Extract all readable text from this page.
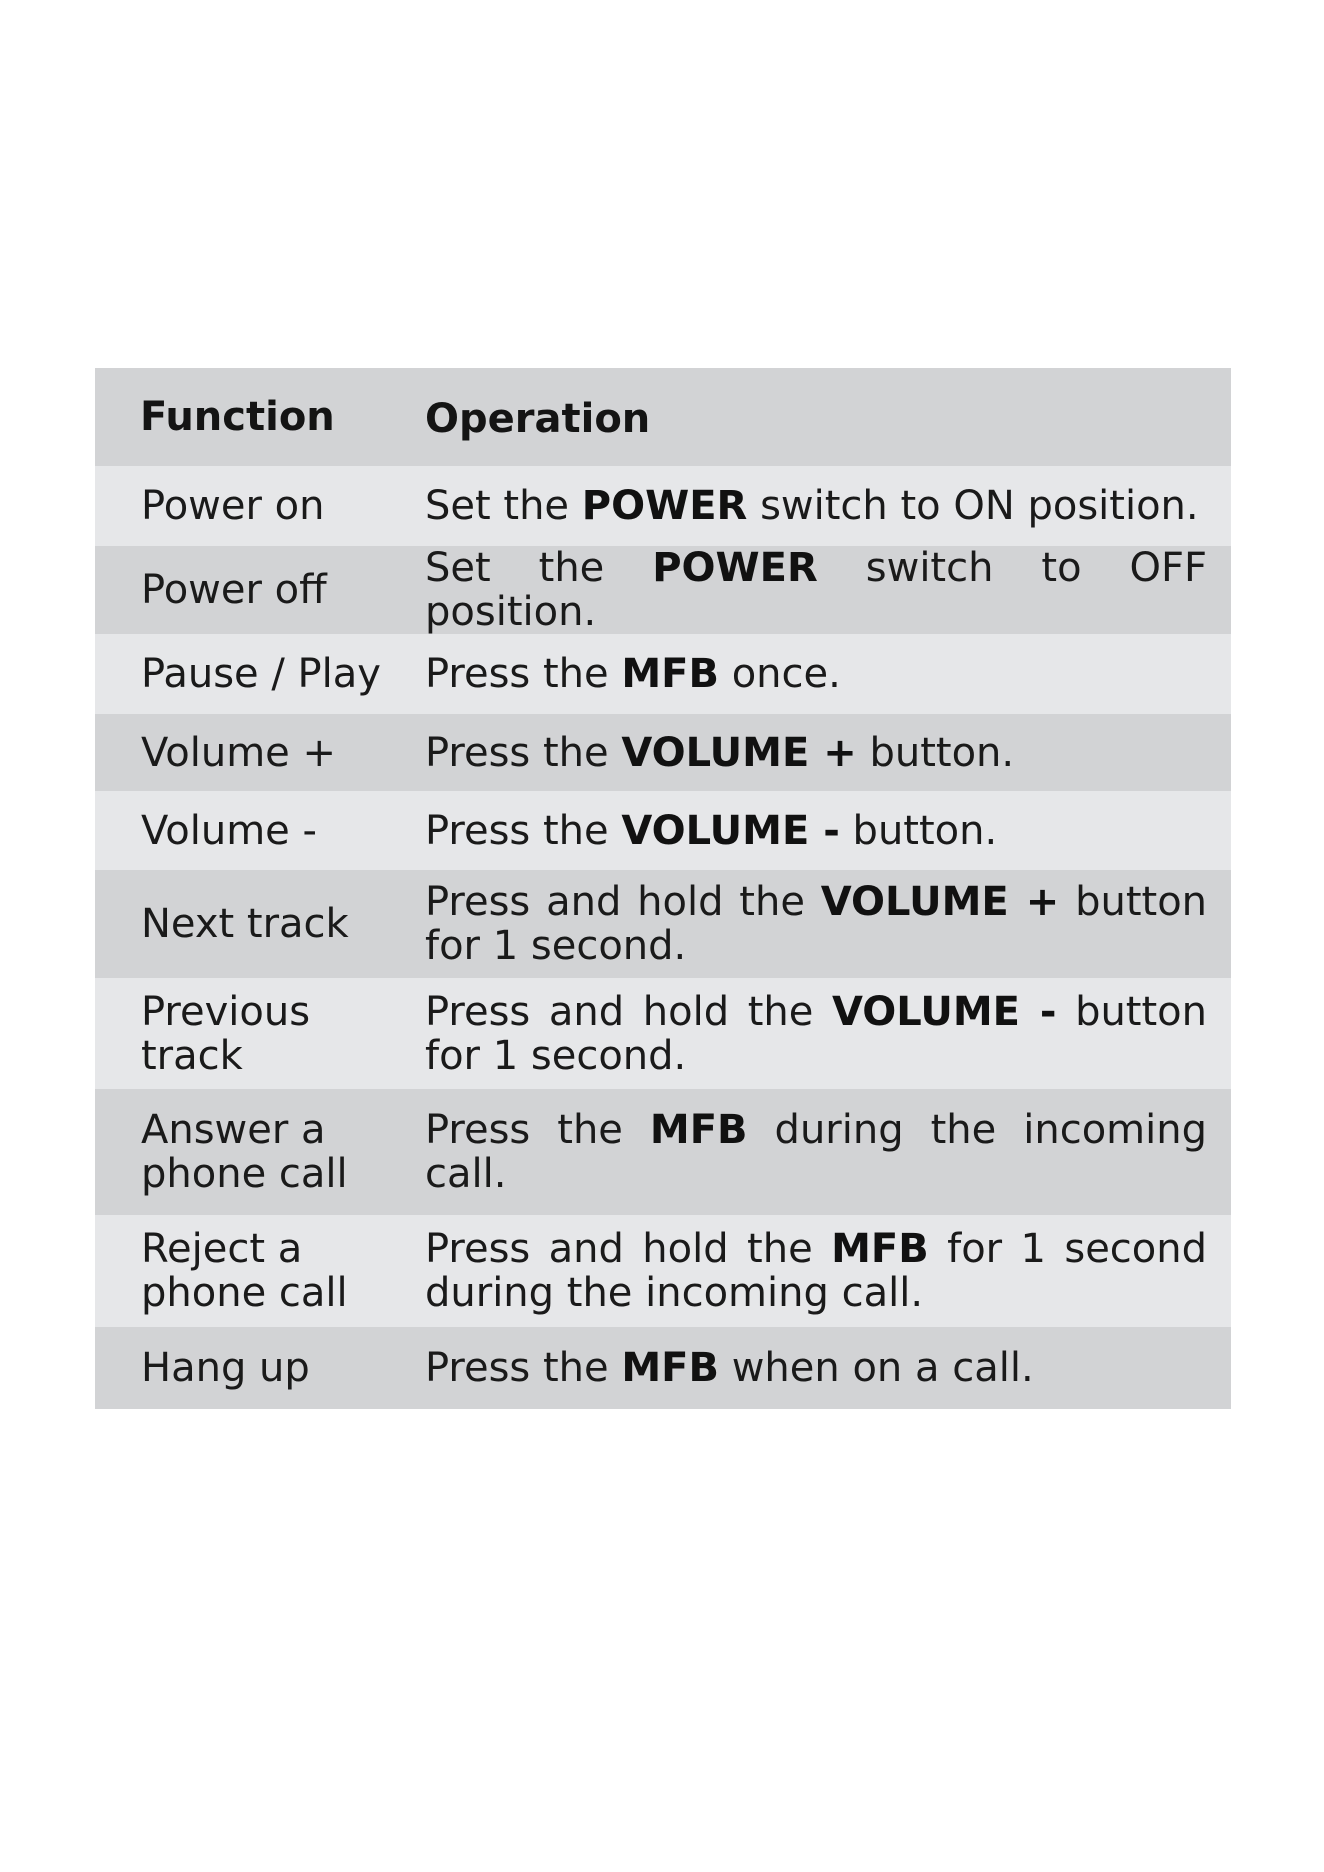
Function	Operation
Power on	Set the POWER switch to ON position.
Power off	Set the POWER switch to OFF position.
Pause / Play	Press the MFB once.
Volume +	Press the VOLUME + button.
Volume -	Press the VOLUME - button.
Next track	Press and hold the VOLUME + button for 1 second.
Previous track	Press and hold the VOLUME - button for 1 second.
Answer a phone call	Press the MFB during the incoming call.
Reject a phone call	Press and hold the MFB for 1 second during the incoming call.
Hang up	Press the MFB when on a call.
